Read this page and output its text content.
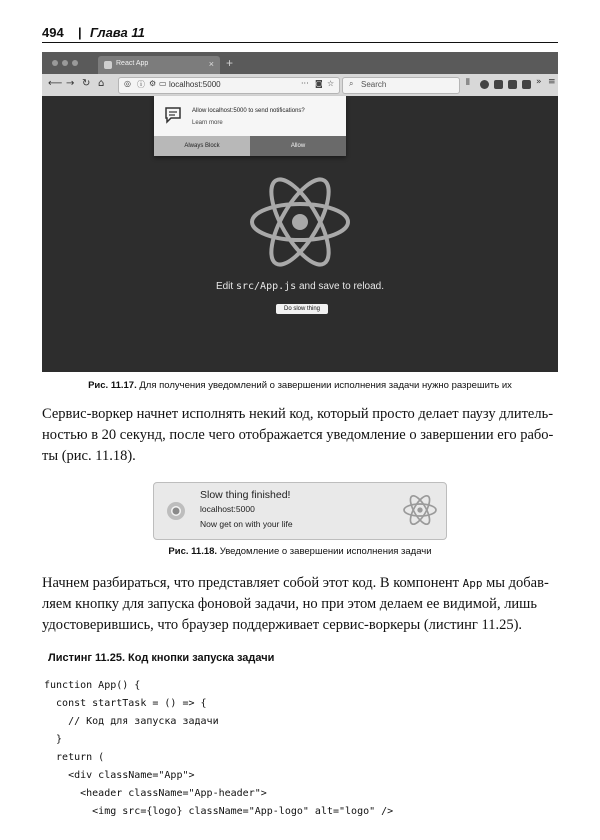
494 | Глава 11
React App	× +
⟵ → ↻ ⌂ ◎ ⓘ ⚙ ▭ localhost:5000	··· ◙ ☆ ⌕ Search	⫴	» ≡
Allow localhost:5000 to send notifications?
Learn more
Always Block	Allow
Edit src/App.js and save to reload.
Do slow thing
Рис. 11.17. Для получения уведомлений о завершении исполнения задачи нужно разрешить их
Сервис-воркер начнет исполнять некий код, который просто делает паузу длитель-
ностью в 20 секунд, после чего отображается уведомление о завершении его рабо-
ты (рис. 11.18).
Slow thing finished!
localhost:5000
Now get on with your life
Рис. 11.18. Уведомление о завершении исполнения задачи
Начнем разбираться, что представляет собой этот код. В компонент App мы добав-
ляем кнопку для запуска фоновой задачи, но при этом делаем ее видимой, лишь
удостоверившись, что браузер поддерживает сервис-воркеры (листинг 11.25).
Листинг 11.25. Код кнопки запуска задачи
function App() {
const startTask = () => {
// Код для запуска задачи
}
return (
<div className="App">
<header className="App-header">
<img src={logo} className="App-logo" alt="logo" />
